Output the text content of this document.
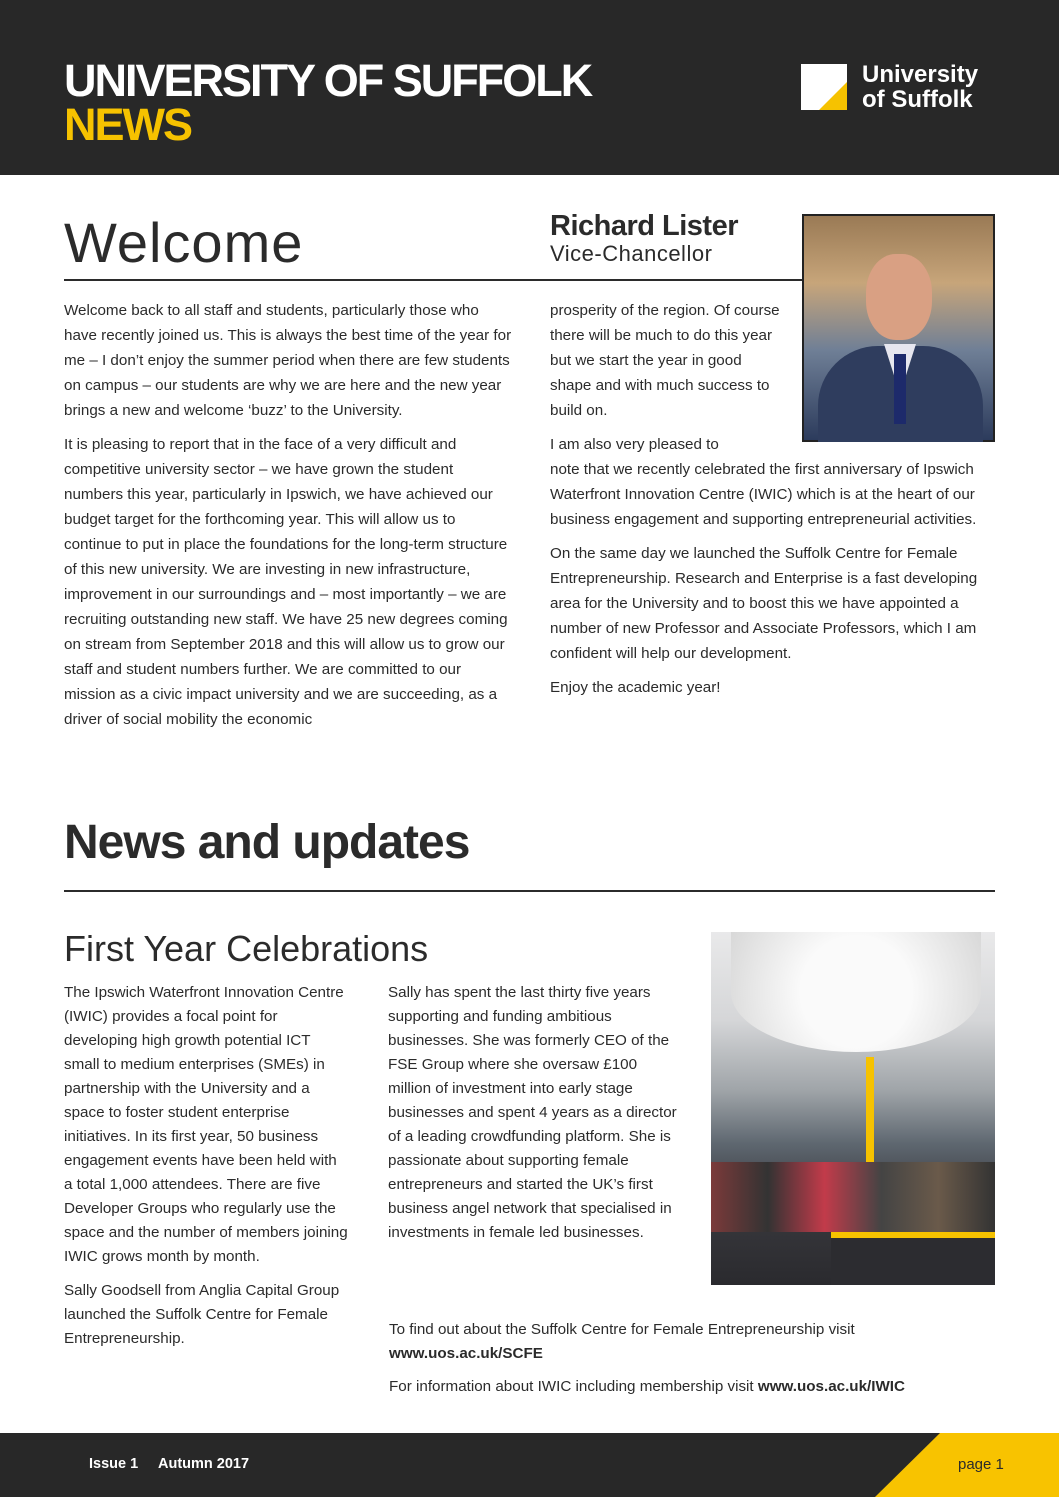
UNIVERSITY OF SUFFOLK
NEWS
University
of Suffolk
Welcome	Richard Lister
Vice-Chancellor

Welcome back to all staff and students, particularly those who have recently joined us. This is always the best time of the year for me – I don’t enjoy the summer period when there are few students on campus – our students are why we are here and the new year brings a new and welcome ‘buzz’ to the University.

It is pleasing to report that in the face of a very difficult and competitive university sector – we have grown the student numbers this year, particularly in Ipswich, we have achieved our budget target for the forthcoming year. This will allow us to continue to put in place the foundations for the long-term structure of this new university. We are investing in new infrastructure, improvement in our surroundings and – most importantly – we are recruiting outstanding new staff. We have 25 new degrees coming on stream from September 2018 and this will allow us to grow our staff and student numbers further. We are committed to our mission as a civic impact university and we are succeeding, as a driver of social mobility the economic

prosperity of the region. Of course there will be much to do this year but we start the year in good shape and with much success to build on.

I am also very pleased to

note that we recently celebrated the first anniversary of Ipswich Waterfront Innovation Centre (IWIC) which is at the heart of our business engagement and supporting entrepreneurial activities.

On the same day we launched the Suffolk Centre for Female Entrepreneurship. Research and Enterprise is a fast developing area for the University and to boost this we have appointed a number of new Professor and Associate Professors, which I am confident will help our development.

Enjoy the academic year!

News and updates
First Year Celebrations

The Ipswich Waterfront Innovation Centre (IWIC) provides a focal point for developing high growth potential ICT small to medium enterprises (SMEs) in partnership with the University and a space to foster student enterprise initiatives. In its first year, 50 business engagement events have been held with a total 1,000 attendees. There are five Developer Groups who regularly use the space and the number of members joining IWIC grows month by month.

Sally Goodsell from Anglia Capital Group launched the Suffolk Centre for Female Entrepreneurship.

Sally has spent the last thirty five years supporting and funding ambitious businesses. She was formerly CEO of the FSE Group where she oversaw £100 million of investment into early stage businesses and spent 4 years as a director of a leading crowdfunding platform. She is passionate about supporting female entrepreneurs and started the UK’s first business angel network that specialised in investments in female led businesses.

To find out about the Suffolk Centre for Female Entrepreneurship visit www.uos.ac.uk/SCFE

For information about IWIC including membership visit www.uos.ac.uk/IWIC

Issue 1 Autumn 2017	page 1
